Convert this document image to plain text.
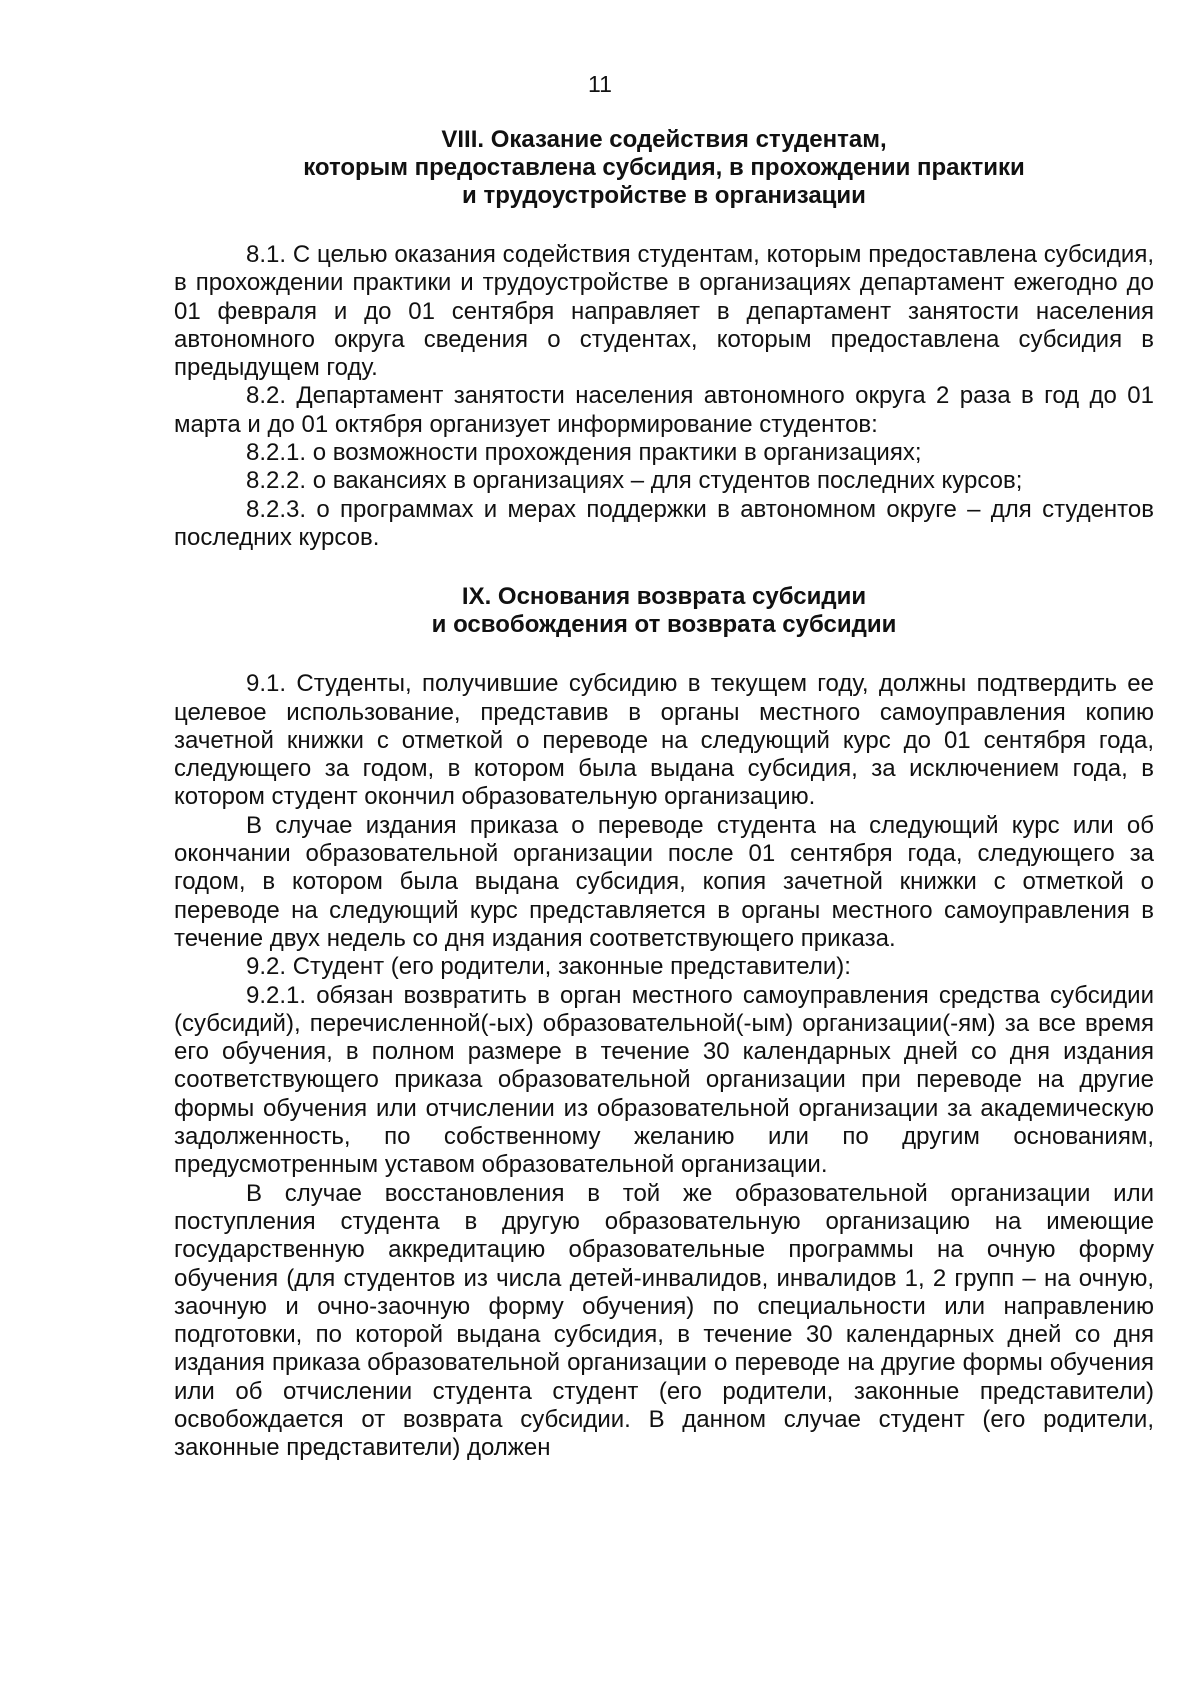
11
VIII. Оказание содействия студентам,
которым предоставлена субсидия, в прохождении практики
и трудоустройстве в организации

8.1. С целью оказания содействия студентам, которым предоставлена субсидия, в прохождении практики и трудоустройстве в организациях департамент ежегодно до 01 февраля и до 01 сентября направляет в департамент занятости населения автономного округа сведения о студентах, которым предоставлена субсидия в предыдущем году.

8.2. Департамент занятости населения автономного округа 2 раза в год до 01 марта и до 01 октября организует информирование студентов:

8.2.1. о возможности прохождения практики в организациях;

8.2.2. о вакансиях в организациях – для студентов последних курсов;

8.2.3. о программах и мерах поддержки в автономном округе – для студентов последних курсов.

IX. Основания возврата субсидии
и освобождения от возврата субсидии

9.1. Студенты, получившие субсидию в текущем году, должны подтвердить ее целевое использование, представив в органы местного самоуправления копию зачетной книжки с отметкой о переводе на следующий курс до 01 сентября года, следующего за годом, в котором была выдана субсидия, за исключением года, в котором студент окончил образовательную организацию.

В случае издания приказа о переводе студента на следующий курс или об окончании образовательной организации после 01 сентября года, следующего за годом, в котором была выдана субсидия, копия зачетной книжки с отметкой о переводе на следующий курс представляется в органы местного самоуправления в течение двух недель со дня издания соответствующего приказа.

9.2. Студент (его родители, законные представители):

9.2.1. обязан возвратить в орган местного самоуправления средства субсидии (субсидий), перечисленной(-ых) образовательной(-ым) организации(-ям) за все время его обучения, в полном размере в течение 30 календарных дней со дня издания соответствующего приказа образовательной организации при переводе на другие формы обучения или отчислении из образовательной организации за академическую задолженность, по собственному желанию или по другим основаниям, предусмотренным уставом образовательной организации.

В случае восстановления в той же образовательной организации или поступления студента в другую образовательную организацию на имеющие государственную аккредитацию образовательные программы на очную форму обучения (для студентов из числа детей-инвалидов, инвалидов 1, 2 групп – на очную, заочную и очно-заочную форму обучения) по специальности или направлению подготовки, по которой выдана субсидия, в течение 30 календарных дней со дня издания приказа образовательной организации о переводе на другие формы обучения или об отчислении студента студент (его родители, законные представители) освобождается от возврата субсидии. В данном случае студент (его родители, законные представители) должен
